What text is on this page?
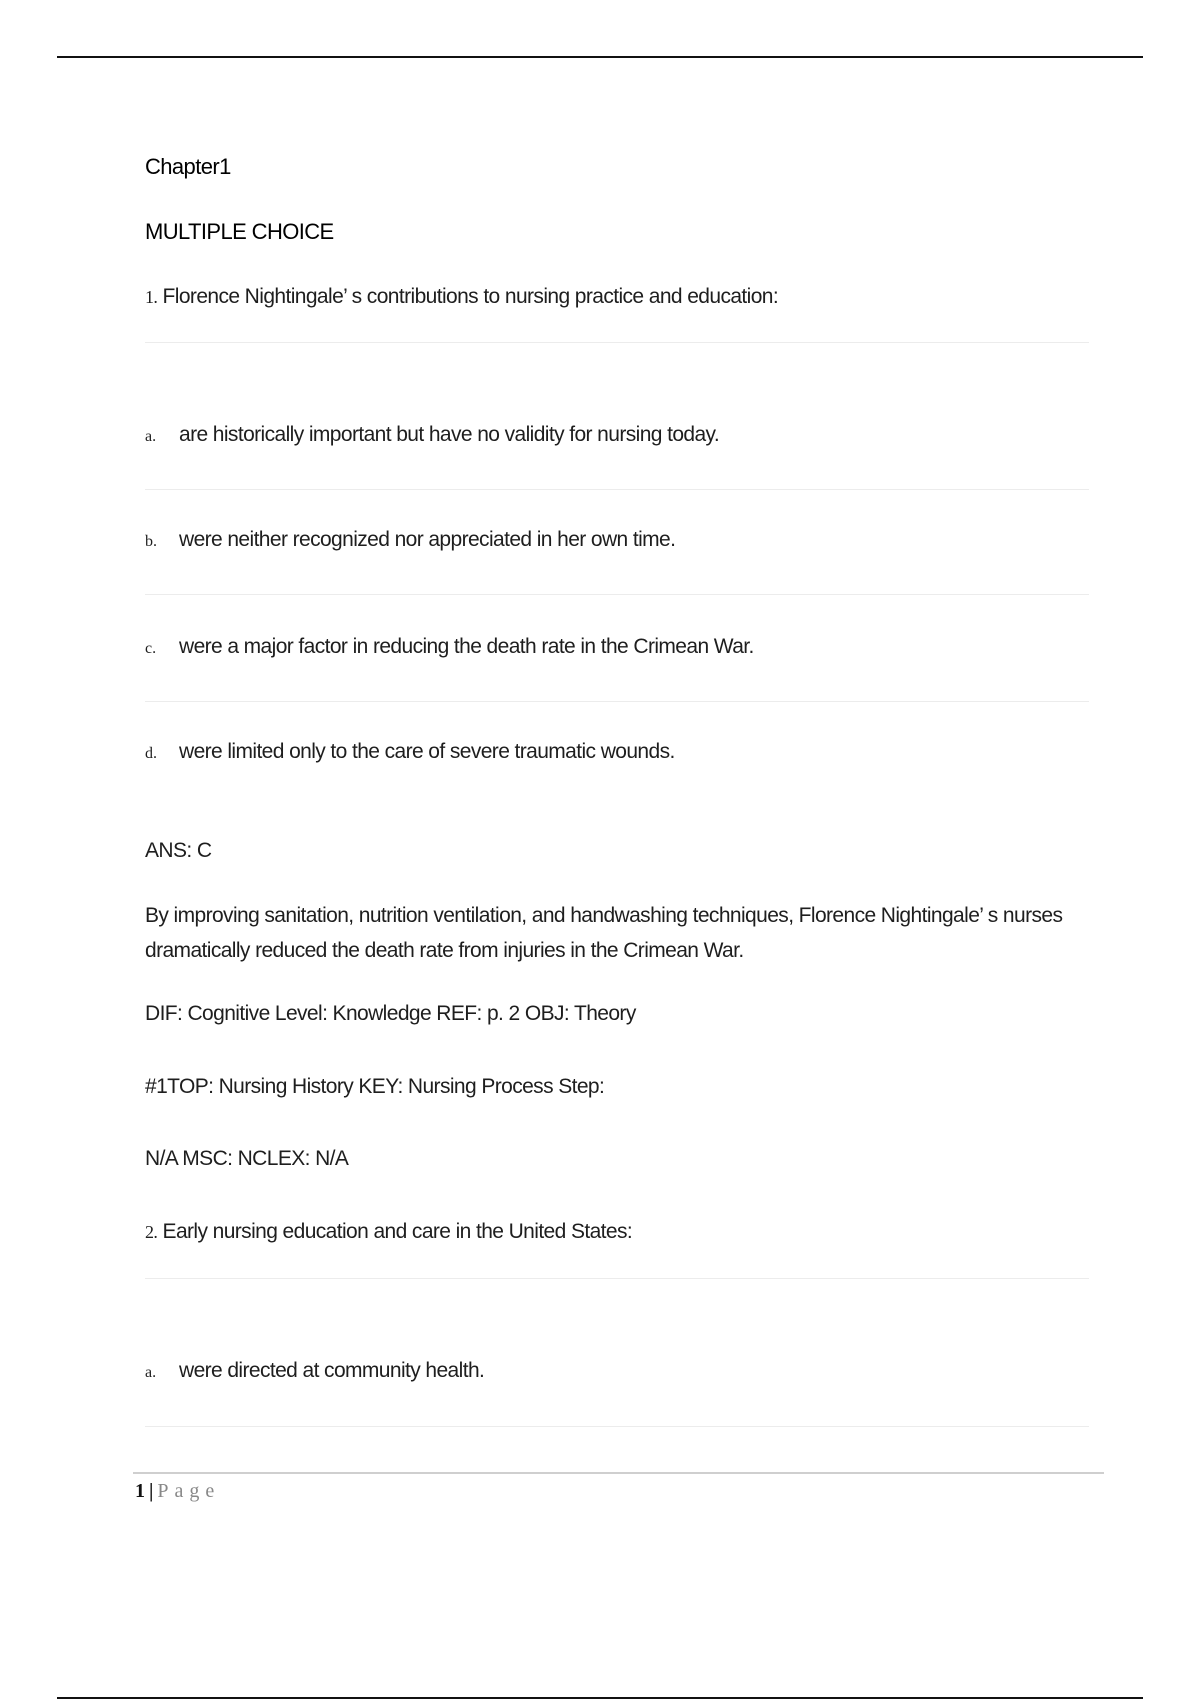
Chapter1
MULTIPLE CHOICE
1. Florence Nightingale’ s contributions to nursing practice and education:
a. are historically important but have no validity for nursing today.
b. were neither recognized nor appreciated in her own time.
c. were a major factor in reducing the death rate in the Crimean War.
d. were limited only to the care of severe traumatic wounds.
ANS: C
By improving sanitation, nutrition ventilation, and handwashing techniques, Florence Nightingale’ s nurses dramatically reduced the death rate from injuries in the Crimean War.
DIF: Cognitive Level: Knowledge REF: p. 2 OBJ: Theory
#1TOP: Nursing History KEY: Nursing Process Step:
N/A MSC: NCLEX: N/A
2. Early nursing education and care in the United States:
a. were directed at community health.
1 | Page
